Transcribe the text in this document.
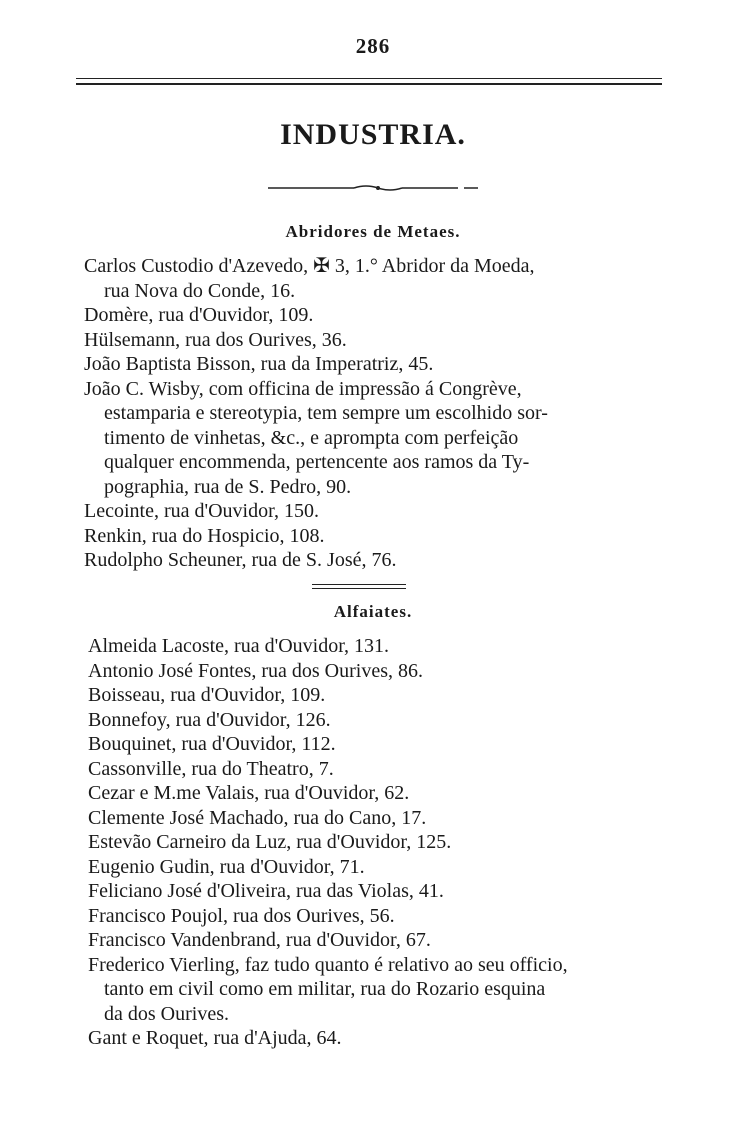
286
INDUSTRIA.
Abridores de Metaes.
Carlos Custodio d'Azevedo, ✠ 3, 1.° Abridor da Moeda,
rua Nova do Conde, 16.
Domère, rua d'Ouvidor, 109.
Hülsemann, rua dos Ourives, 36.
João Baptista Bisson, rua da Imperatriz, 45.
João C. Wisby, com officina de impressão á Congrève,
estamparia e stereotypia, tem sempre um escolhido sor-
timento de vinhetas, &c., e apromptа com perfeição
qualquer encommenda, pertencente aos ramos da Ty-
pographia, rua de S. Pedro, 90.
Lecointe, rua d'Ouvidor, 150.
Renkin, rua do Hospicio, 108.
Rudolpho Scheuner, rua de S. José, 76.
Alfaiates.
Almeida Lacoste, rua d'Ouvidor, 131.
Antonio José Fontes, rua dos Ourives, 86.
Boisseau, rua d'Ouvidor, 109.
Bonnefoy, rua d'Ouvidor, 126.
Bouquinet, rua d'Ouvidor, 112.
Cassonville, rua do Theatro, 7.
Cezar e M.me Valais, rua d'Ouvidor, 62.
Clemente José Machado, rua do Cano, 17.
Estevão Carneiro da Luz, rua d'Ouvidor, 125.
Eugenio Gudin, rua d'Ouvidor, 71.
Feliciano José d'Oliveira, rua das Violas, 41.
Francisco Poujol, rua dos Ourives, 56.
Francisco Vandenbrand, rua d'Ouvidor, 67.
Frederico Vierling, faz tudo quanto é relativo ao seu officio,
tanto em civil como em militar, rua do Rozario esquina
da dos Ourives.
Gant e Roquet, rua d'Ajuda, 64.
